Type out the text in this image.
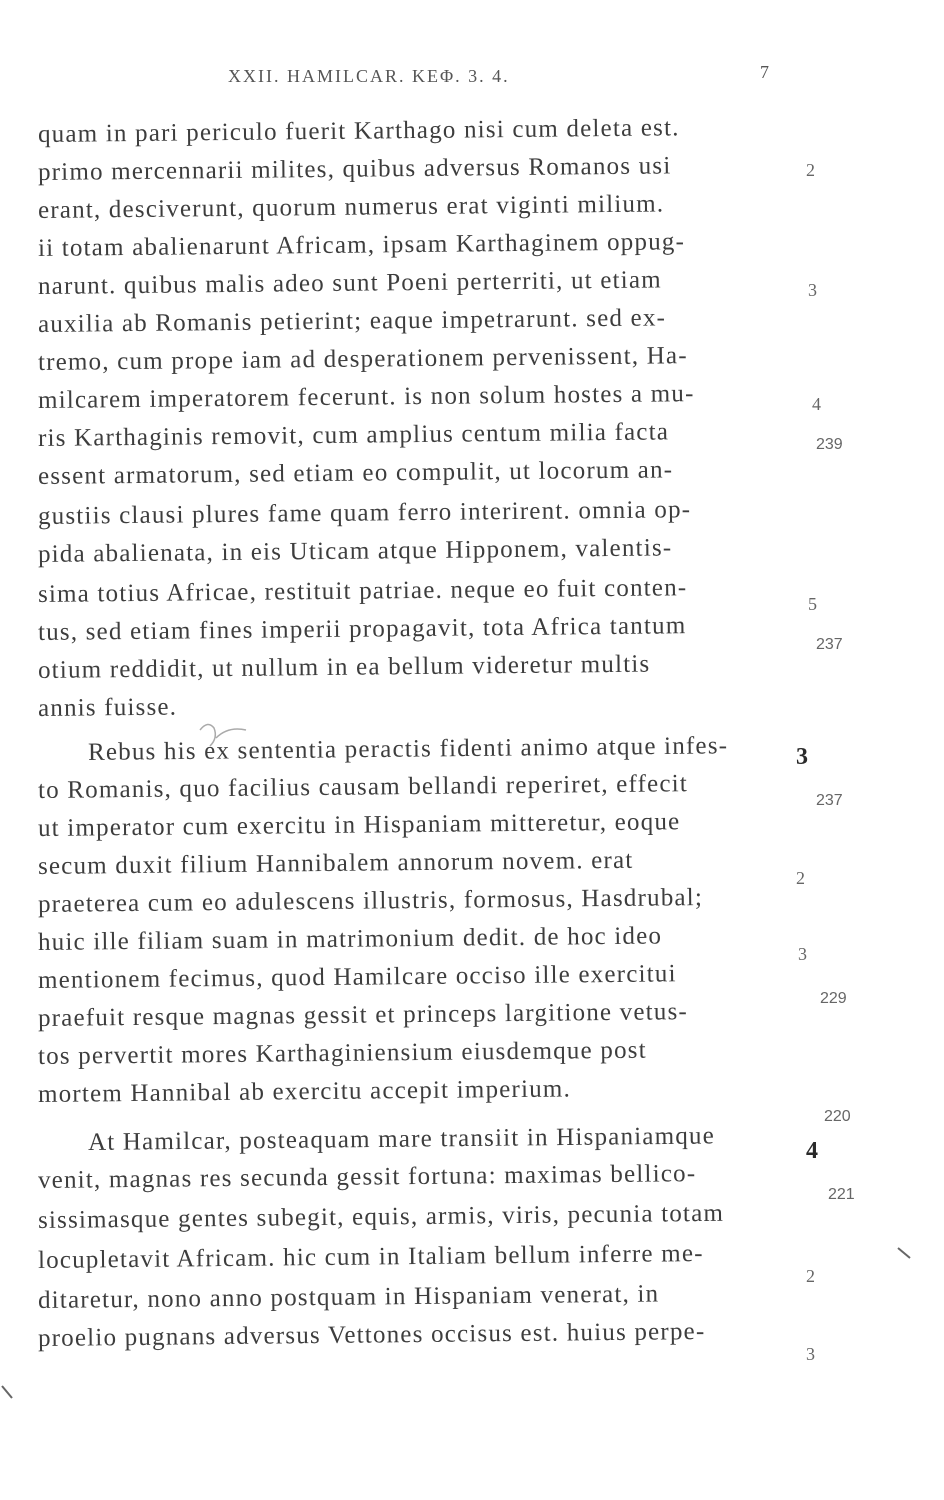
XXII. HAMILCAR. ΚΕΦ. 3. 4.	7
quam in pari periculo fuerit Karthago nisi cum deleta est.
primo mercennarii milites, quibus adversus Romanos usi
erant, desciverunt, quorum numerus erat viginti milium.
ii totam abalienarunt Africam, ipsam Karthaginem oppug-
narunt. quibus malis adeo sunt Poeni perterriti, ut etiam
auxilia ab Romanis petierint; eaque impetrarunt. sed ex-
tremo, cum prope iam ad desperationem pervenissent, Ha-
milcarem imperatorem fecerunt. is non solum hostes a mu-
ris Karthaginis removit, cum amplius centum milia facta
essent armatorum, sed etiam eo compulit, ut locorum an-
gustiis clausi plures fame quam ferro interirent. omnia op-
pida abalienata, in eis Uticam atque Hipponem, valentis-
sima totius Africae, restituit patriae. neque eo fuit conten-
tus, sed etiam fines imperii propagavit, tota Africa tantum
otium reddidit, ut nullum in ea bellum videretur multis
annis fuisse.
Rebus his ex sententia peractis fidenti animo atque infes-
to Romanis, quo facilius causam bellandi reperiret, effecit
ut imperator cum exercitu in Hispaniam mitteretur, eoque
secum duxit filium Hannibalem annorum novem. erat
praeterea cum eo adulescens illustris, formosus, Hasdrubal;
huic ille filiam suam in matrimonium dedit. de hoc ideo
mentionem fecimus, quod Hamilcare occiso ille exercitui
praefuit resque magnas gessit et princeps largitione vetus-
tos pervertit mores Karthaginiensium eiusdemque post
mortem Hannibal ab exercitu accepit imperium.
At Hamilcar, posteaquam mare transiit in Hispaniamque
venit, magnas res secunda gessit fortuna: maximas bellico-
sissimasque gentes subegit, equis, armis, viris, pecunia totam
locupletavit Africam. hic cum in Italiam bellum inferre me-
ditaretur, nono anno postquam in Hispaniam venerat, in
proelio pugnans adversus Vettones occisus est. huius perpe-
2
3
4
5
3
2
3
4
2
3
239
237
237
229
220
221
